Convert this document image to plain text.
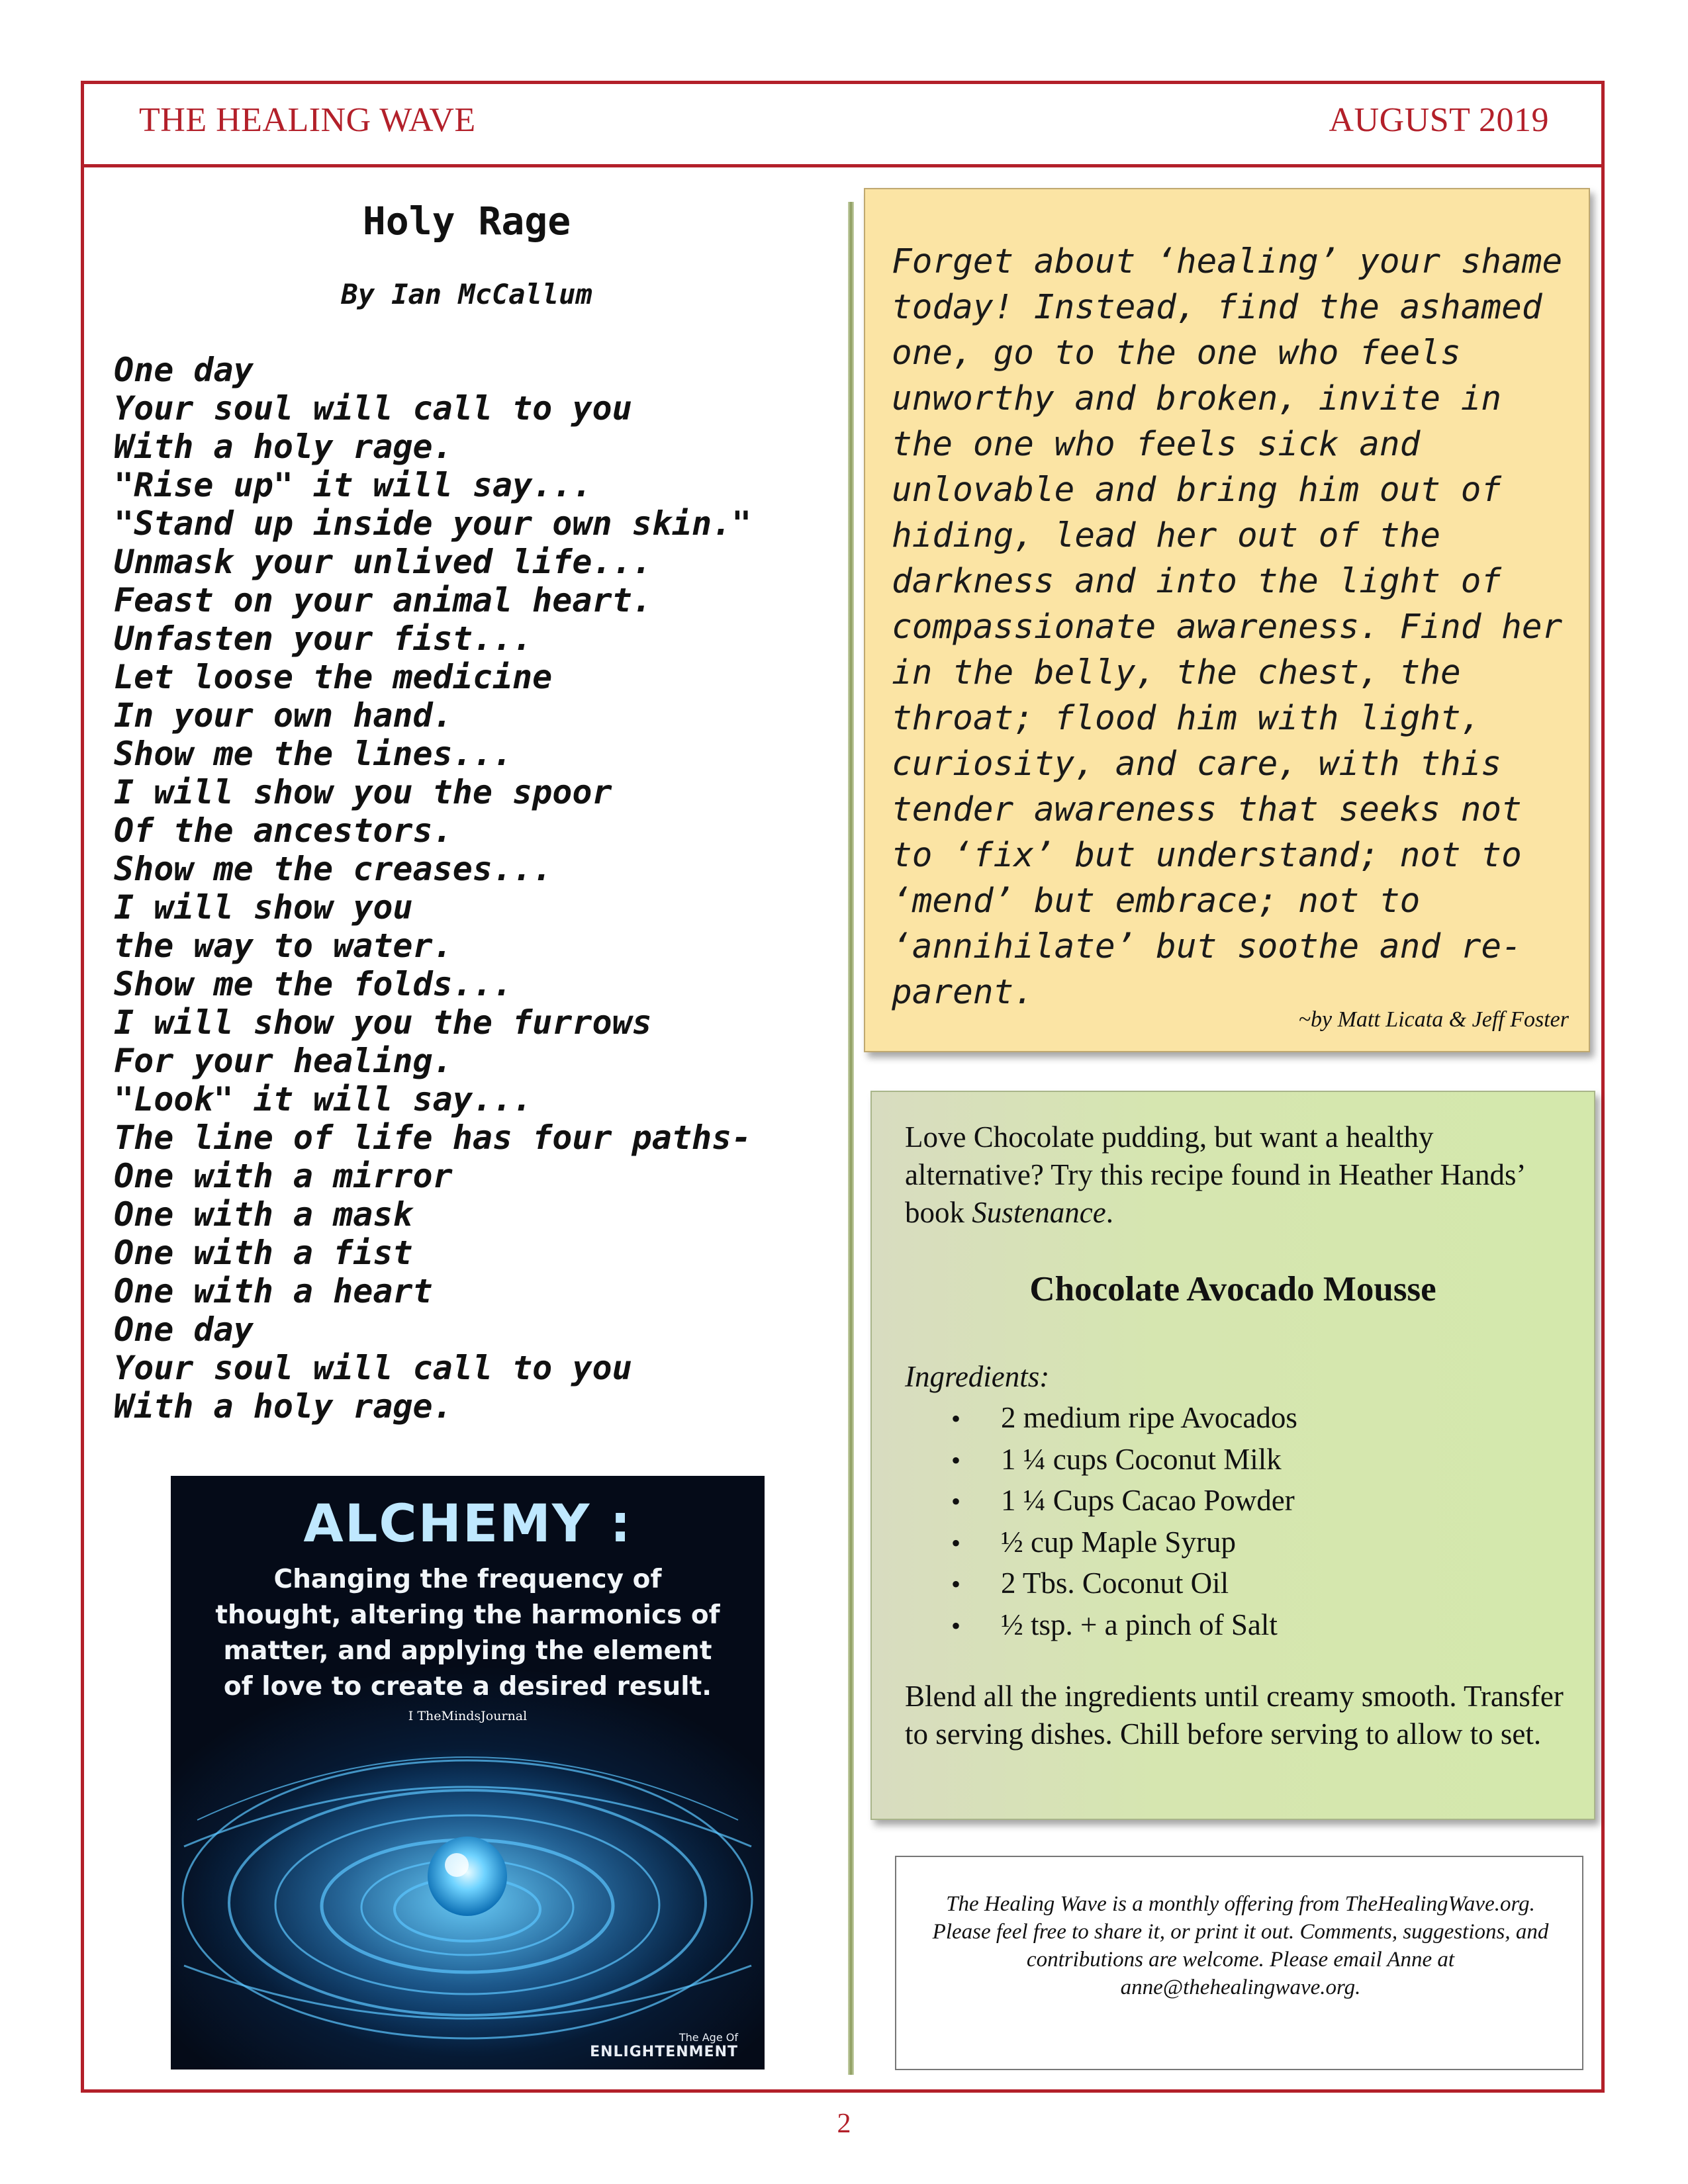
THE HEALING WAVE	AUGUST 2019
Holy Rage
By Ian McCallum
One day
Your soul will call to you
With a holy rage.
"Rise up" it will say...
"Stand up inside your own skin."
Unmask your unlived life...
Feast on your animal heart.
Unfasten your fist...
Let loose the medicine
In your own hand.
Show me the lines...
I will show you the spoor
Of the ancestors.
Show me the creases...
I will show you
the way to water.
Show me the folds...
I will show you the furrows
For your healing.
"Look" it will say...
The line of life has four paths-
One with a mirror
One with a mask
One with a fist
One with a heart
One day
Your soul will call to you
With a holy rage.
ALCHEMY :
Changing the frequency of thought, altering the harmonics of matter, and applying the element of love to create a desired result.
I TheMindsJournal
The Age Of
ENLIGHTENMENT

Forget about ‘healing’ your shame today! Instead, find the ashamed one, go to the one who feels unworthy and broken, invite in the one who feels sick and unlovable and bring him out of hiding, lead her out of the darkness and into the light of compassionate awareness. Find her in the belly, the chest, the throat; flood him with light, curiosity, and care, with this tender awareness that seeks not to ‘fix’ but understand; not to ‘mend’ but embrace; not to ‘annihilate’ but soothe and re-parent.

~by Matt Licata & Jeff Foster

Love Chocolate pudding, but want a healthy alternative? Try this recipe found in Heather Hands’ book Sustenance.

Chocolate Avocado Mousse
Ingredients:
• 2 medium ripe Avocados
• 1 ¼ cups Coconut Milk
• 1 ¼ Cups Cacao Powder
• ½ cup Maple Syrup
• 2 Tbs. Coconut Oil
• ½ tsp. + a pinch of Salt

Blend all the ingredients until creamy smooth. Transfer to serving dishes. Chill before serving to allow to set.

The Healing Wave is a monthly offering from TheHealingWave.org. Please feel free to share it, or print it out. Comments, suggestions, and contributions are welcome. Please email Anne at anne@thehealingwave.org.

2
